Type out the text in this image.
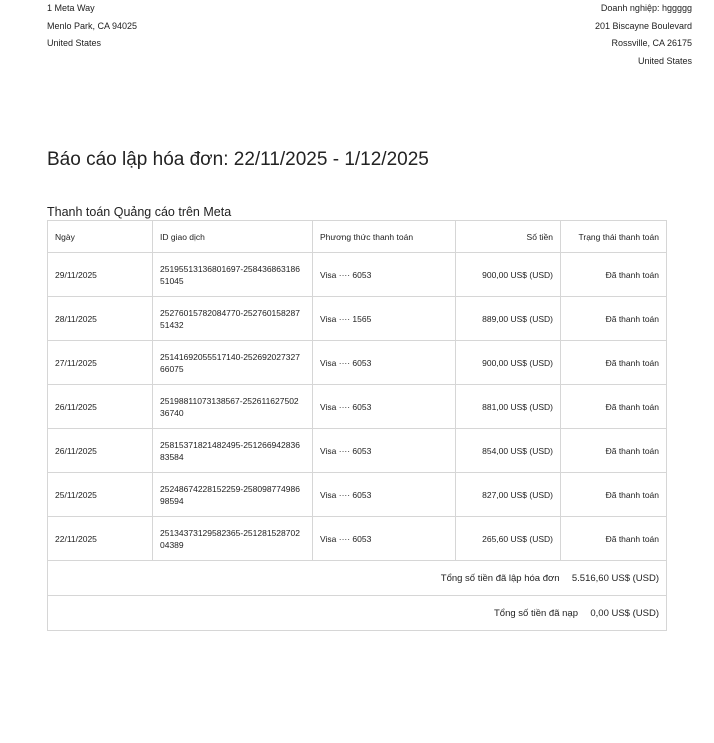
1 Meta Way
Menlo Park, CA 94025
United States
Doanh nghiệp: hggggg
201 Biscayne Boulevard
Rossville, CA 26175
United States
Báo cáo lập hóa đơn: 22/11/2025 - 1/12/2025
Thanh toán Quảng cáo trên Meta
Ngày	ID giao dịch	Phương thức thanh toán	Số tiền	Trạng thái thanh toán
29/11/2025	25195513136801697-258436863186 51045	Visa ···· 6053	900,00 US$ (USD)	Đã thanh toán
28/11/2025	25276015782084770-252760158287 51432	Visa ···· 1565	889,00 US$ (USD)	Đã thanh toán
27/11/2025	25141692055517140-252692027327 66075	Visa ···· 6053	900,00 US$ (USD)	Đã thanh toán
26/11/2025	25198811073138567-252611627502 36740	Visa ···· 6053	881,00 US$ (USD)	Đã thanh toán
26/11/2025	25815371821482495-251266942836 83584	Visa ···· 6053	854,00 US$ (USD)	Đã thanh toán
25/11/2025	25248674228152259-258098774986 98594	Visa ···· 6053	827,00 US$ (USD)	Đã thanh toán
22/11/2025	25134373129582365-251281528702 04389	Visa ···· 6053	265,60 US$ (USD)	Đã thanh toán
Tổng số tiền đã lập hóa đơn 5.516,60 US$ (USD)				
Tổng số tiền đã nạp 0,00 US$ (USD)				
